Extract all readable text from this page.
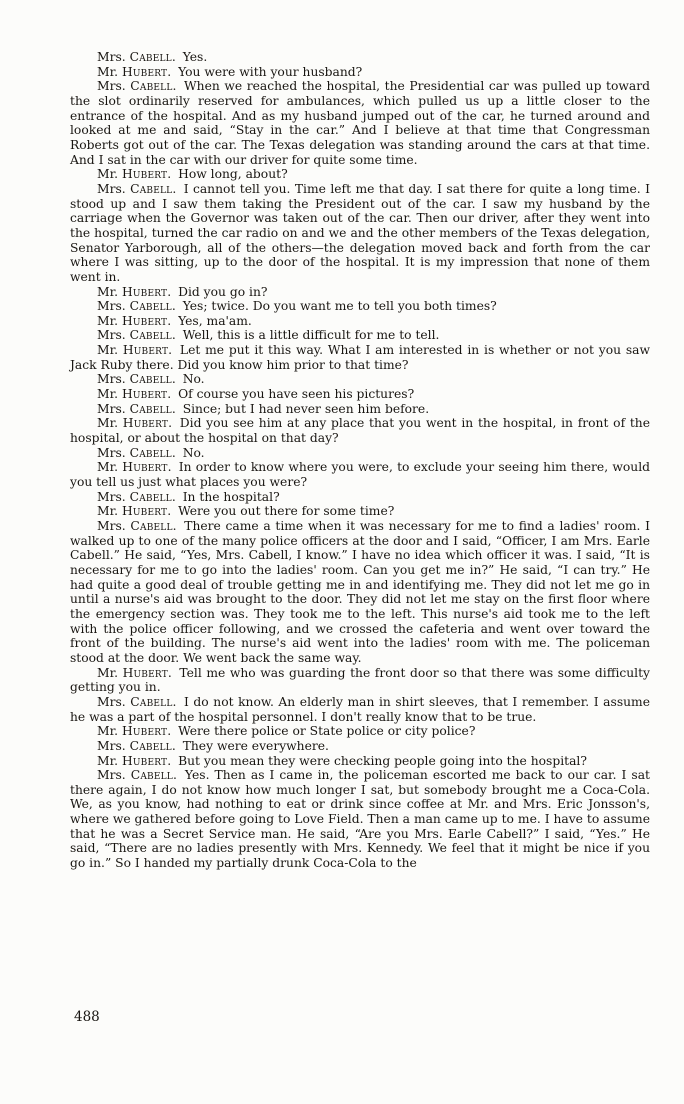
Mrs. Cabell. Yes.

Mr. Hubert. You were with your husband?

Mrs. Cabell. When we reached the hospital, the Presidential car was pulled up toward the slot ordinarily reserved for ambulances, which pulled us up a little closer to the entrance of the hospital. And as my husband jumped out of the car, he turned around and looked at me and said, “Stay in the car.” And I believe at that time that Congressman Roberts got out of the car. The Texas delegation was standing around the cars at that time. And I sat in the car with our driver for quite some time.

Mr. Hubert. How long, about?

Mrs. Cabell. I cannot tell you. Time left me that day. I sat there for quite a long time. I stood up and I saw them taking the President out of the car. I saw my husband by the carriage when the Governor was taken out of the car. Then our driver, after they went into the hospital, turned the car radio on and we and the other members of the Texas delegation, Senator Yarborough, all of the others—the delegation moved back and forth from the car where I was sitting, up to the door of the hospital. It is my impression that none of them went in.

Mr. Hubert. Did you go in?

Mrs. Cabell. Yes; twice. Do you want me to tell you both times?

Mr. Hubert. Yes, ma'am.

Mrs. Cabell. Well, this is a little difficult for me to tell.

Mr. Hubert. Let me put it this way. What I am interested in is whether or not you saw Jack Ruby there. Did you know him prior to that time?

Mrs. Cabell. No.

Mr. Hubert. Of course you have seen his pictures?

Mrs. Cabell. Since; but I had never seen him before.

Mr. Hubert. Did you see him at any place that you went in the hospital, in front of the hospital, or about the hospital on that day?

Mrs. Cabell. No.

Mr. Hubert. In order to know where you were, to exclude your seeing him there, would you tell us just what places you were?

Mrs. Cabell. In the hospital?

Mr. Hubert. Were you out there for some time?

Mrs. Cabell. There came a time when it was necessary for me to find a ladies' room. I walked up to one of the many police officers at the door and I said, “Officer, I am Mrs. Earle Cabell.” He said, “Yes, Mrs. Cabell, I know.” I have no idea which officer it was. I said, “It is necessary for me to go into the ladies' room. Can you get me in?” He said, “I can try.” He had quite a good deal of trouble getting me in and identifying me. They did not let me go in until a nurse's aid was brought to the door. They did not let me stay on the first floor where the emergency section was. They took me to the left. This nurse's aid took me to the left with the police officer following, and we crossed the cafeteria and went over toward the front of the building. The nurse's aid went into the ladies' room with me. The policeman stood at the door. We went back the same way.

Mr. Hubert. Tell me who was guarding the front door so that there was some difficulty getting you in.

Mrs. Cabell. I do not know. An elderly man in shirt sleeves, that I remember. I assume he was a part of the hospital personnel. I don't really know that to be true.

Mr. Hubert. Were there police or State police or city police?

Mrs. Cabell. They were everywhere.

Mr. Hubert. But you mean they were checking people going into the hospital?

Mrs. Cabell. Yes. Then as I came in, the policeman escorted me back to our car. I sat there again, I do not know how much longer I sat, but somebody brought me a Coca-Cola. We, as you know, had nothing to eat or drink since coffee at Mr. and Mrs. Eric Jonsson's, where we gathered before going to Love Field. Then a man came up to me. I have to assume that he was a Secret Service man. He said, “Are you Mrs. Earle Cabell?” I said, “Yes.” He said, “There are no ladies presently with Mrs. Kennedy. We feel that it might be nice if you go in.” So I handed my partially drunk Coca-Cola to the

488
